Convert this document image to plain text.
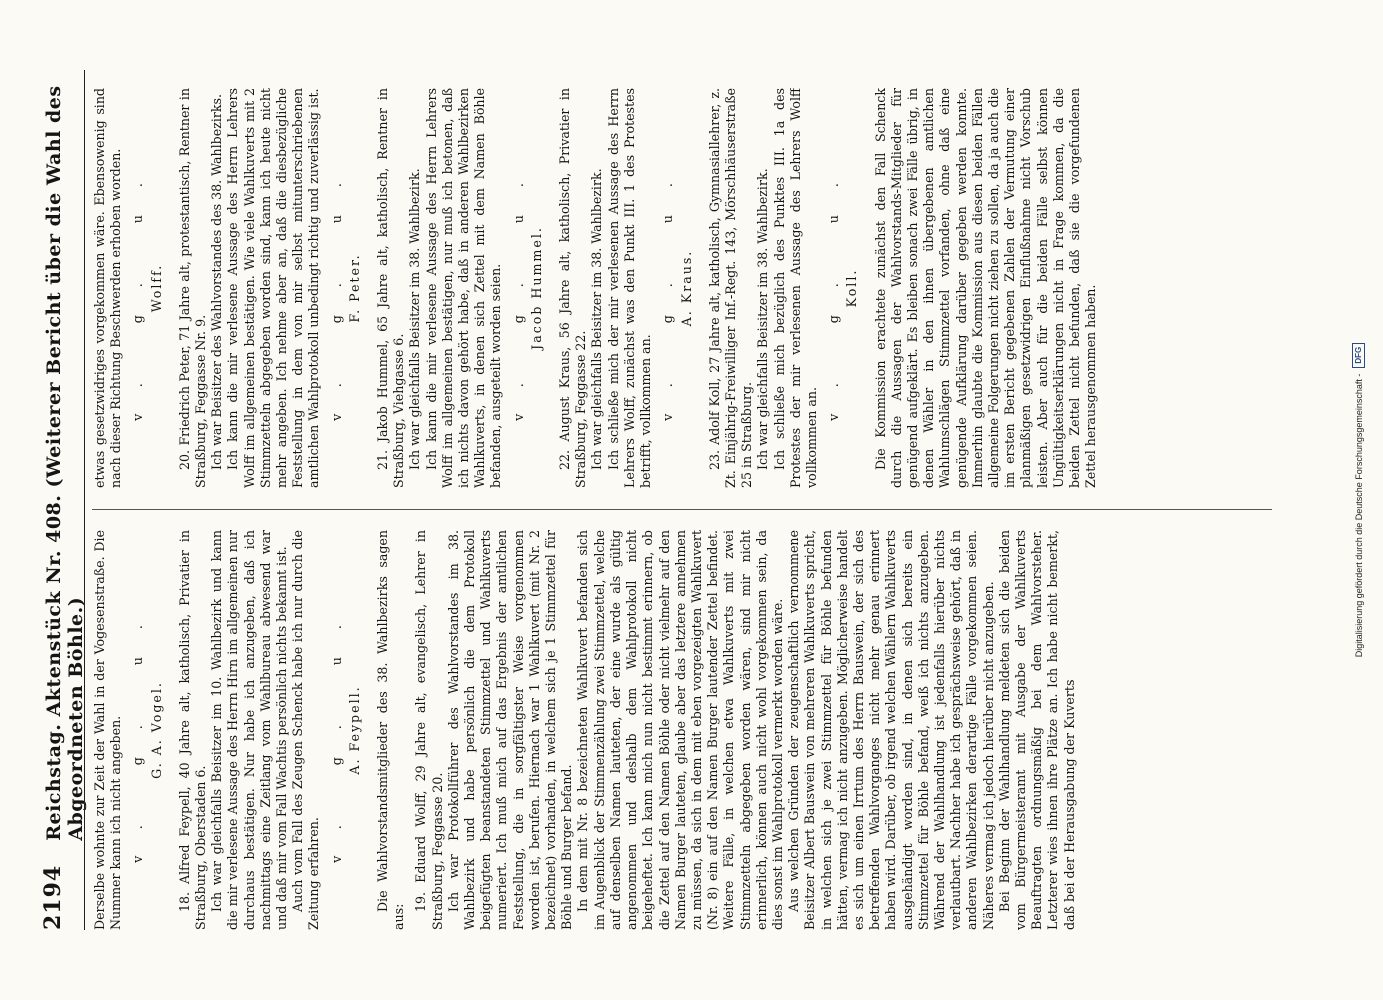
2194
Reichstag. Aktenstück Nr. 408. (Weiterer Bericht über die Wahl des Abgeordneten Böhle.) Derselbe wohnte zur Zeit der Wahl in der Vogesenstraße. Die Nummer kann ich nicht angeben. v. g. u. G. A. Vogel. 18. Alfred Feypell, 40 Jahre alt, katholisch, Privatier in Straßburg, Oberstaden 6. Ich war gleichfalls Beisitzer im 10. Wahlbezirk und kann die mir verlesene Aussage des Herrn Hirn im allgemeinen nur durchaus bestätigen. Nur habe ich anzugeben, daß ich nachmittags eine Zeitlang vom Wahlbureau abwesend war und daß mir vom Fall Wachtis persönlich nichts bekannt ist. Auch vom Fall des Zeugen Schenck habe ich nur durch die Zeitung erfahren.

v. g. u. A. Feypell. Die Wahlvorstandsmitglieder des 38. Wahlbezirks sagen aus:

19. Eduard Wolff, 29 Jahre alt, evangelisch, Lehrer in Straßburg, Feggasse 20. Ich war Protokollführer des Wahlvorstandes im 38. Wahlbezirk und habe persönlich die dem Protokoll beigefügten beanstandeten Stimmzettel und Wahlkuverts numeriert. Ich muß mich auf das Ergebnis der amtlichen Feststellung, die in sorgfältigster Weise vorgenommen worden ist, berufen. Hiernach war 1 Wahlkuvert (mit Nr. 2 bezeichnet) vorhanden, in welchem sich je 1 Stimmzettel für Böhle und Burger befand. In dem mit Nr. 8 bezeichneten Wahlkuvert befanden sich im Augenblick der Stimmenzählung zwei Stimmzettel, welche auf denselben Namen lauteten, der eine wurde als gültig angenommen und deshalb dem Wahlprotokoll nicht beigeheftet. Ich kann mich nun nicht bestimmt erinnern, ob die Zettel auf den Namen Böhle oder nicht vielmehr auf den Namen Burger lauteten, glaube aber das letztere annehmen zu müssen, da sich in dem mit eben vorgezeigten Wahlkuvert (Nr. 8) ein auf den Namen Burger lautender Zettel befindet. Weitere Fälle, in welchen etwa Wahlkuverts mit zwei Stimmzetteln abgegeben worden wären, sind mir nicht erinnerlich, können auch nicht wohl vorgekommen sein, da dies sonst im Wahlprotokoll vermerkt worden wäre. Aus welchen Gründen der zeugenschaftlich vernommene Beisitzer Albert Bauswein von mehreren Wahlkuverts spricht, in welchen sich je zwei Stimmzettel für Böhle befunden hätten, vermag ich nicht anzugeben. Möglicherweise handelt es sich um einen Irrtum des Herrn Bauswein, der sich des betreffenden Wahlvorganges nicht mehr genau erinnert haben wird. Darüber, ob irgend welchen Wählern Wahlkuverts ausgehändigt worden sind, in denen sich bereits ein Stimmzettel für Böhle befand, weiß ich nichts anzugeben. Während der Wahlhandlung ist jedenfalls hierüber nichts verlautbart. Nachher habe ich gesprächsweise gehört, daß in anderen Wahlbezirken derartige Fälle vorgekommen seien. Näheres vermag ich jedoch hierüber nicht anzugeben. Bei Beginn der Wahlhandlung meldeten sich die beiden vom Bürgermeisteramt mit Ausgabe der Wahlkuverts Beauftragten ordnungsmäßig bei dem Wahlvorsteher. Letzterer wies ihnen ihre Plätze an. Ich habe nicht bemerkt, daß bei der Herausgabung der Kuverts

etwas gesetzwidriges vorgekommen wäre. Ebensowenig sind nach dieser Richtung Beschwerden erhoben worden. v. g. u. Wolff. 20. Friedrich Peter, 71 Jahre alt, protestantisch, Rentner in Straßburg, Feggasse Nr. 9. Ich war Beisitzer des Wahlvorstandes des 38. Wahlbezirks. Ich kann die mir verlesene Aussage des Herrn Lehrers Wolff im allgemeinen bestätigen. Wie viele Wahlkuverts mit 2 Stimmzetteln abgegeben worden sind, kann ich heute nicht mehr angeben. Ich nehme aber an, daß die diesbezügliche Feststellung in dem von mir selbst mitunterschriebenen amtlichen Wahlprotokoll unbedingt richtig und zuverlässig ist. v. g. u. F. Peter. 21. Jakob Hummel, 65 Jahre alt, katholisch, Rentner in Straßburg, Viehgasse 6. Ich war gleichfalls Beisitzer im 38. Wahlbezirk. Ich kann die mir verlesene Aussage des Herrn Lehrers Wolff im allgemeinen bestätigen, nur muß ich betonen, daß ich nichts davon gehört habe, daß in anderen Wahlbezirken Wahlkuverts, in denen sich Zettel mit dem Namen Böhle befanden, ausgeteilt worden seien. v. g. u. Jacob Hummel. 22. August Kraus, 56 Jahre alt, katholisch, Privatier in Straßburg, Feggasse 22. Ich war gleichfalls Beisitzer im 38. Wahlbezirk. Ich schließe mich der mir verlesenen Aussage des Herrn Lehrers Wolff, zunächst was den Punkt III. 1 des Protestes betrifft, vollkommen an. v. g. u. A. Kraus. 23. Adolf Koll, 27 Jahre alt, katholisch, Gymnasiallehrer, z. Zt. Einjährig-Freiwilliger Inf.-Regt. 143, Mörschhäuserstraße 25 in Straßburg. Ich war gleichfalls Beisitzer im 38. Wahlbezirk. Ich schließe mich bezüglich des Punktes III. 1a des Protestes der mir verlesenen Aussage des Lehrers Wolff vollkommen an.

v. g. u. Koll. Die Kommission erachtete zunächst den Fall Schenck durch die Aussagen der Wahlvorstands-Mitglieder für genügend aufgeklärt. Es bleiben sonach zwei Fälle übrig, in denen Wähler in den ihnen übergebenen amtlichen Wahlumschlägen Stimmzettel vorfanden, ohne daß eine genügende Aufklärung darüber gegeben werden konnte. Immerhin glaubte die Kommission aus diesen beiden Fällen allgemeine Folgerungen nicht ziehen zu sollen, da ja auch die im ersten Bericht gegebenen Zahlen der Vermutung einer planmäßigen gesetzwidrigen Einflußnahme nicht Vorschub leisten. Aber auch für die beiden Fälle selbst können Ungültigkeitserklärungen nicht in Frage kommen, da die beiden Zettel nicht befunden, daß sie die vorgefundenen Zettel herausgenommen haben.	Digitalisierung gefördert durch die Deutsche Forschungsgemeinschaft -
DFG
